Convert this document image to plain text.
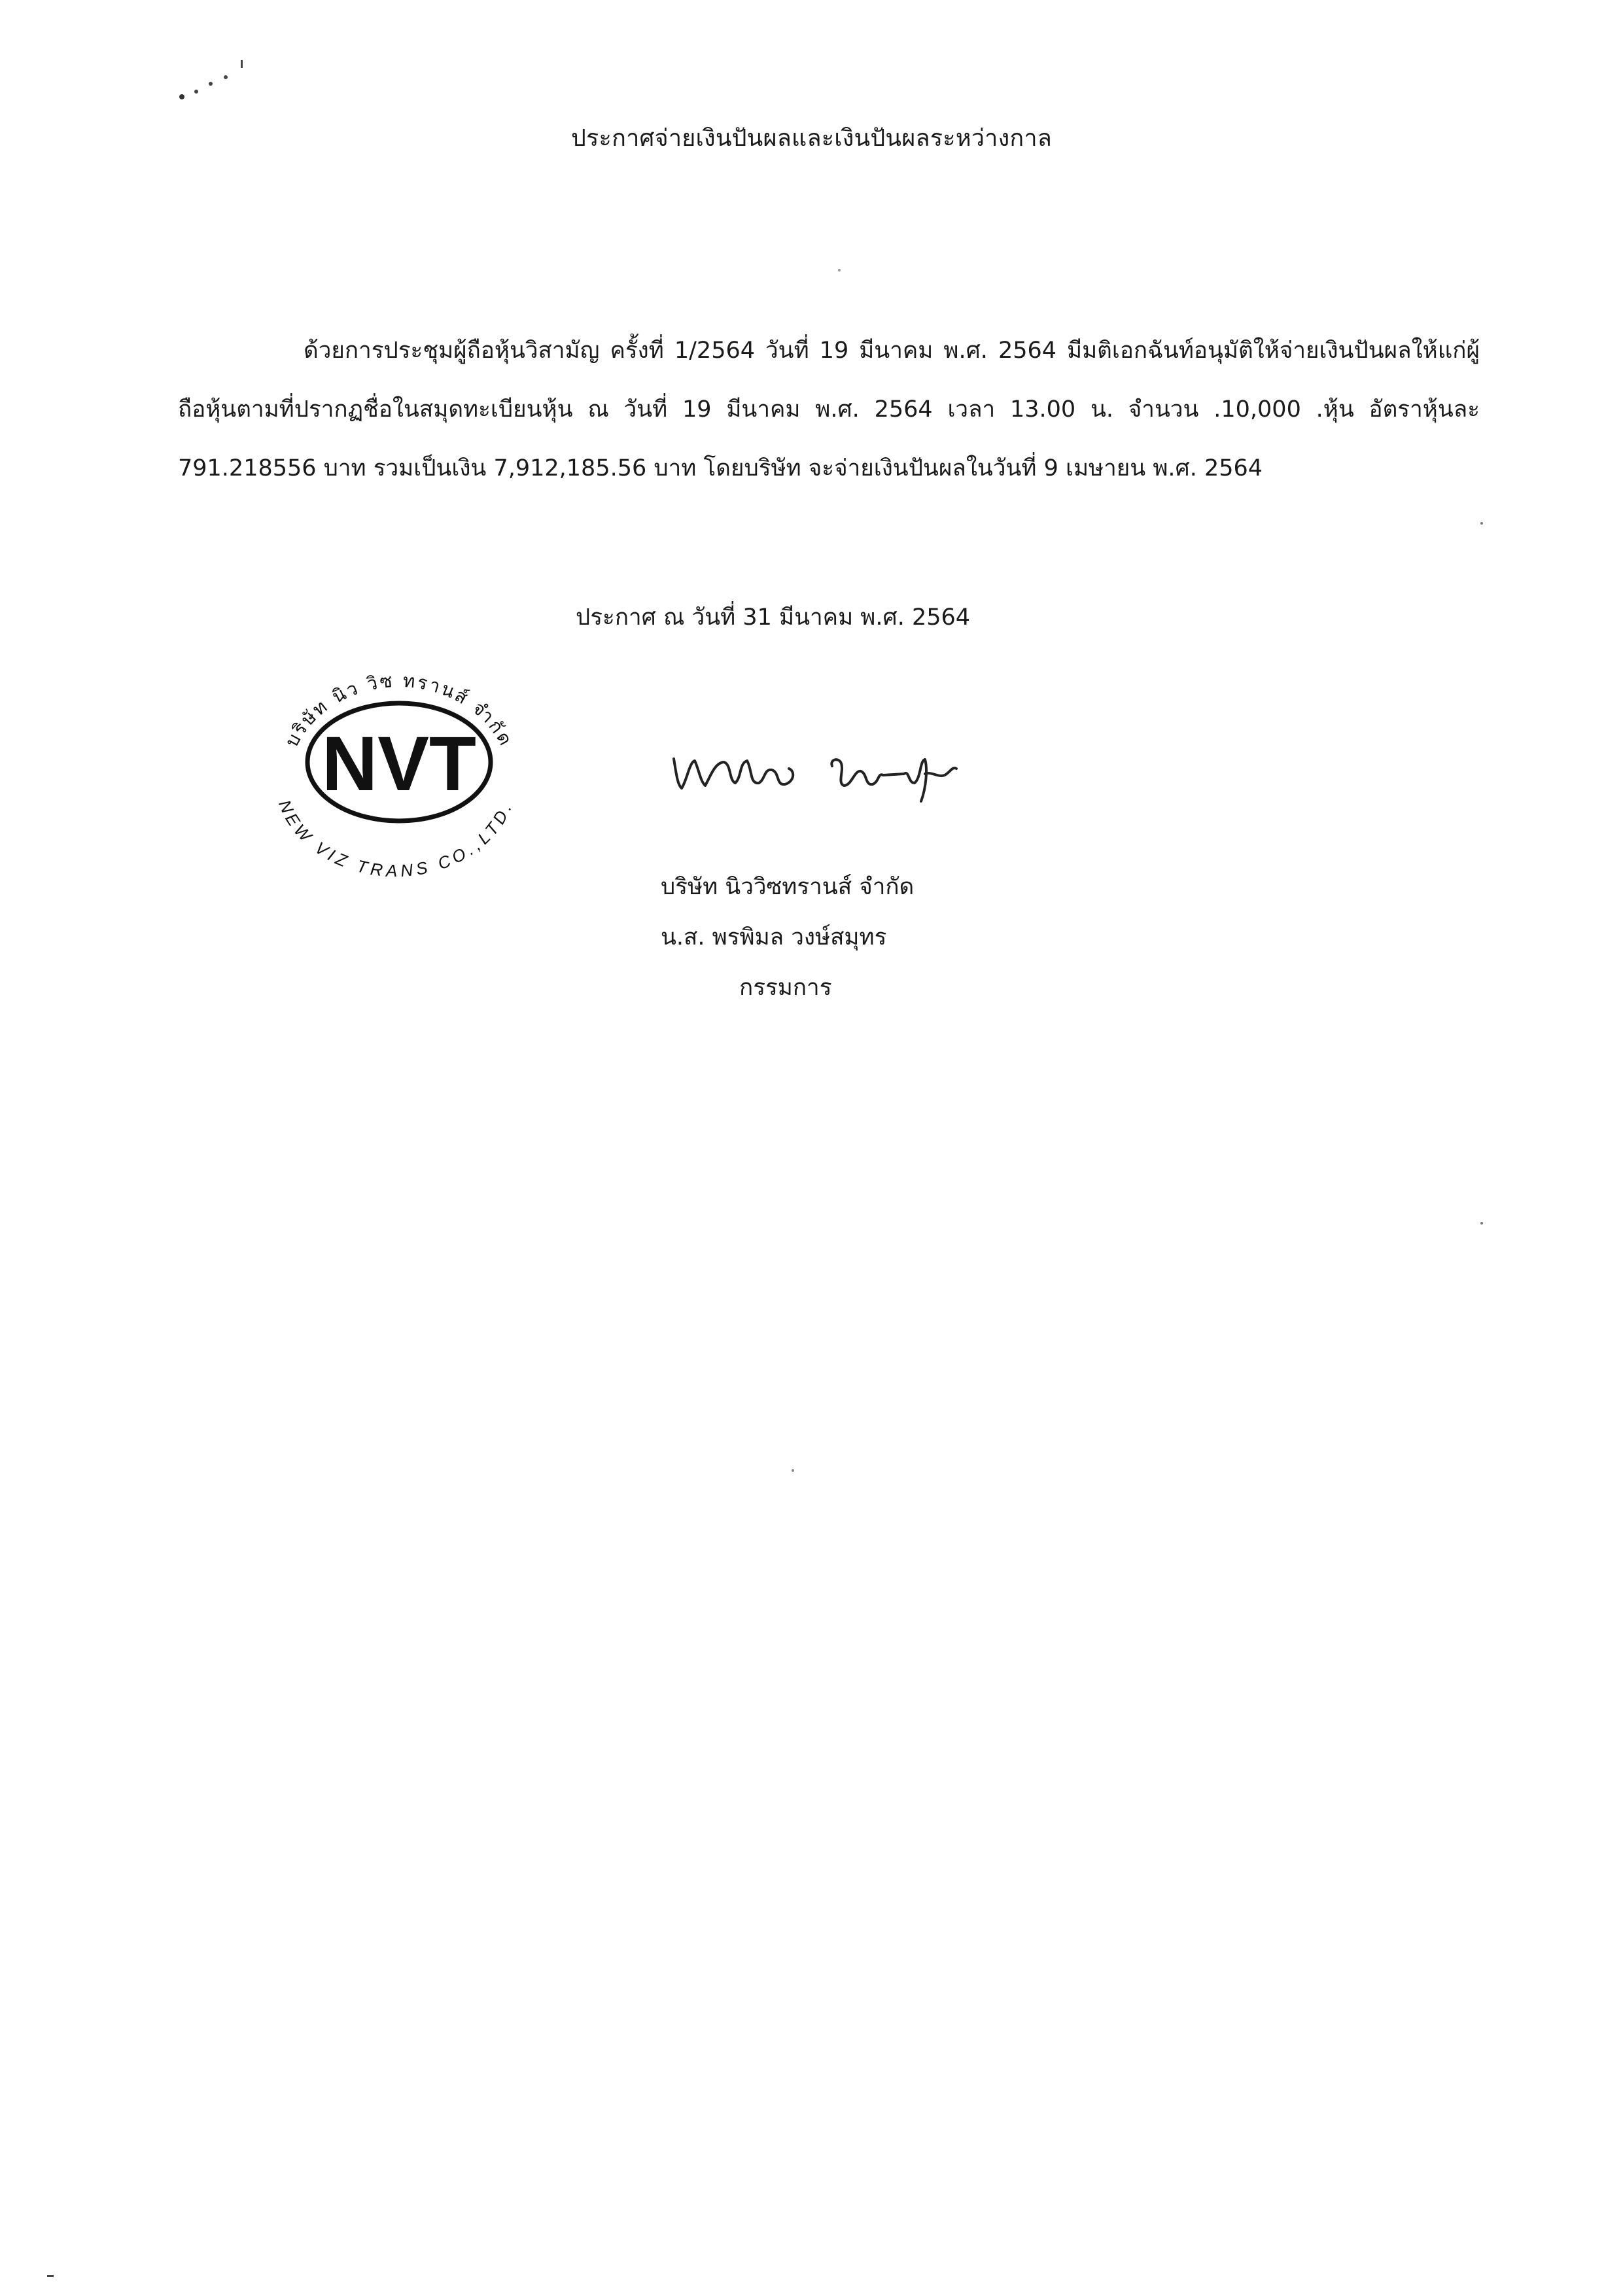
ประกาศจ่ายเงินปันผลและเงินปันผลระหว่างกาล

ด้วยการประชุมผู้ถือหุ้นวิสามัญ ครั้งที่ 1/2564 วันที่ 19 มีนาคม พ.ศ. 2564 มีมติเอกฉันท์อนุมัติให้จ่ายเงินปันผลให้แก่ผู้ถือหุ้นตามที่ปรากฏชื่อในสมุดทะเบียนหุ้น ณ วันที่ 19 มีนาคม พ.ศ. 2564 เวลา 13.00 น. จำนวน .10,000 .หุ้น อัตราหุ้นละ 791.218556 บาท รวมเป็นเงิน 7,912,185.56 บาท โดยบริษัท จะจ่ายเงินปันผลในวันที่ 9 เมษายน พ.ศ. 2564

ประกาศ ณ วันที่ 31 มีนาคม พ.ศ. 2564
NVT
บริษัท นิว วิซ ทรานส์ จำกัด
NEW VIZ TRANS CO.,LTD.
บริษัท นิววิซทรานส์ จำกัด
น.ส. พรพิมล วงษ์สมุทร
กรรมการ
